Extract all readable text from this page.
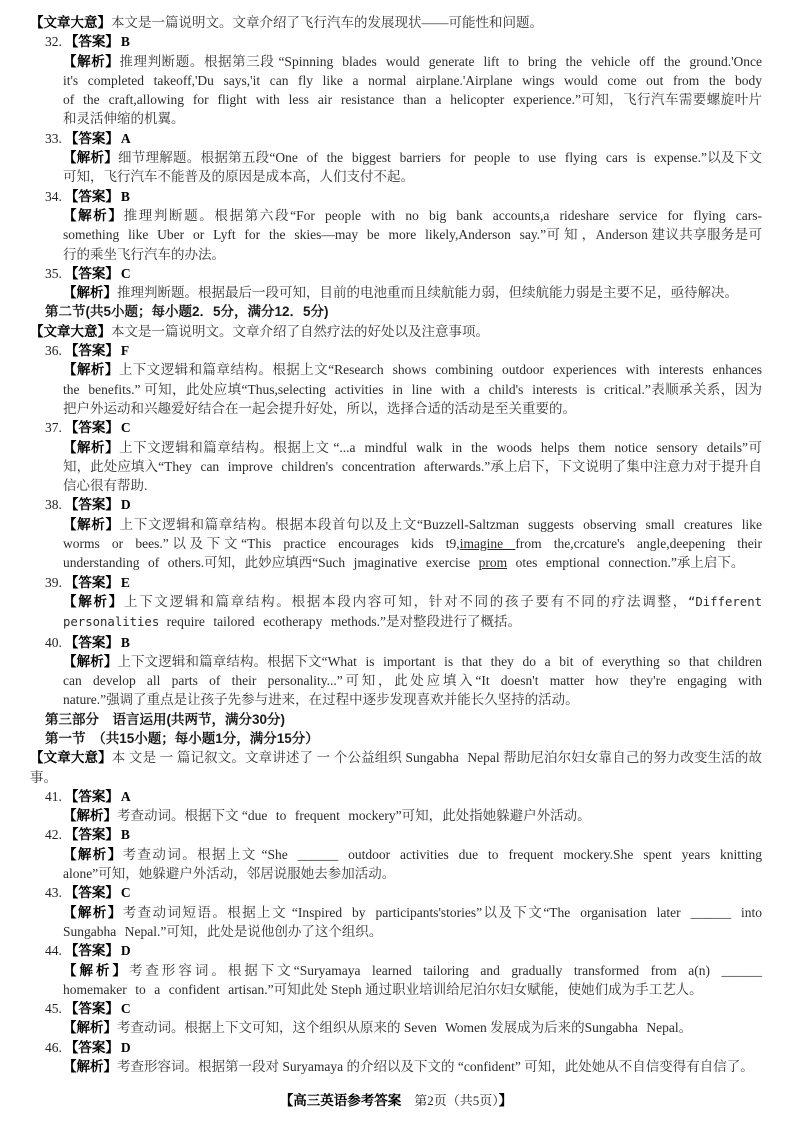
【文章大意】本文是一篇说明文。文章介绍了飞行汽车的发展现状——可能性和问题。
32. 【答案】 B
【解析】推理判断题。根据第三段 “Spinning blades would generate lift to bring the vehicle off the ground.'Once it's completed takeoff,'Du says,'it can fly like a normal airplane.'Airplane wings would come out from the body of the craft,allowing for flight with less air resistance than a helicopter experience.”可知，飞行汽车需要螺旋叶片和灵活伸缩的机翼。
33. 【答案】 A
【解析】细节理解题。根据第五段“One of the biggest barriers for people to use flying cars is expense.”以及下文可知，飞行汽车不能普及的原因是成本高，人们支付不起。
34. 【答案】 B
【解析】推理判断题。根据第六段“For people with no big bank accounts,a rideshare service for flying cars-something like Uber or Lyft for the skies—may be more likely,Anderson say.”可 知 ，Anderson 建议共享服务是可行的乘坐飞行汽车的办法。
35. 【答案】 C
【解析】推理判断题。根据最后一段可知，目前的电池重而且续航能力弱，但续航能力弱是主要不足，亟待解决。
第二节(共5小题；每小题2．5分，满分12．5分)
【文章大意】本文是一篇说明文。文章介绍了自然疗法的好处以及注意事项。
36. 【答案】 F
【解析】上下文逻辑和篇章结构。根据上文“Research shows combining outdoor experiences with interests enhances the benefits.” 可知，此处应填“Thus,selecting activities in line with a child's interests is critical.”表顺承关系，因为把户外运动和兴趣爱好结合在一起会提升好处，所以，选择合适的活动是至关重要的。
37. 【答案】 C
【解析】上下文逻辑和篇章结构。根据上文 “...a mindful walk in the woods helps them notice sensory details”可知，此处应填入“They can improve children's concentration afterwards.”承上启下，下文说明了集中注意力对于提升自信心很有帮助.
38. 【答案】 D
【解析】上下文逻辑和篇章结构。根据本段首句以及上文“Buzzell-Saltzman suggests observing small creatures like worms or bees.”以及下文“This practice encourages kids t9,imagine from the,crcature's angle,deepening their understanding of others.可知，此妙应填西“Such jmaginative exercise prom otes emptional connection.”承上启下。
39. 【答案】 E
【解析】上下文逻辑和篇章结构。根据本段内容可知，针对不同的孩子要有不同的疗法调整，“Different personalities require tailored ecotherapy methods.”是对整段进行了概括。
40. 【答案】 B
【解析】上下文逻辑和篇章结构。根据下文“What is important is that they do a bit of everything so that children can develop all parts of their personality...”可知，此处应填入“It doesn't matter how they're engaging with nature.”强调了重点是让孩子先参与进来，在过程中逐步发现喜欢并能长久坚持的活动。
第三部分　语言运用(共两节，满分30分)
第一节　（共15小题；每小题1分，满分15分）
【文章大意】本 文是 一 篇记叙文。文章讲述了 一 个公益组织 Sungabha Nepal 帮助尼泊尔妇女靠自己的努力改变生活的故事。
41. 【答案】 A
【解析】考查动词。根据下文 “due to frequent mockery”可知，此处指她躲避户外活动。
42. 【答案】 B
【解析】考查动词。根据上文 “She ______ outdoor activities due to frequent mockery.She spent years knitting alone”可知，她躲避户外活动，邻居说服她去参加活动。
43. 【答案】 C
【解析】考查动词短语。根据上文 “Inspired by participants'stories”以及下文“The organisation later ______ into Sungabha Nepal.”可知，此处是说他创办了这个组织。
44. 【答案】 D
【解析】考查形容词。根据下文“Suryamaya learned tailoring and gradually transformed from a(n) ______ homemaker to a confident artisan.”可知此处 Steph 通过职业培训给尼泊尔妇女赋能，使她们成为手工艺人。
45. 【答案】 C
【解析】考查动词。根据上下文可知，这个组织从原来的 Seven Women 发展成为后来的Sungabha Nepal。
46. 【答案】 D
【解析】考查形容词。根据第一段对 Suryamaya 的介绍以及下文的 “confident” 可知，此处她从不自信变得有自信了。
【高三英语参考答案　第2页（共5页）】
